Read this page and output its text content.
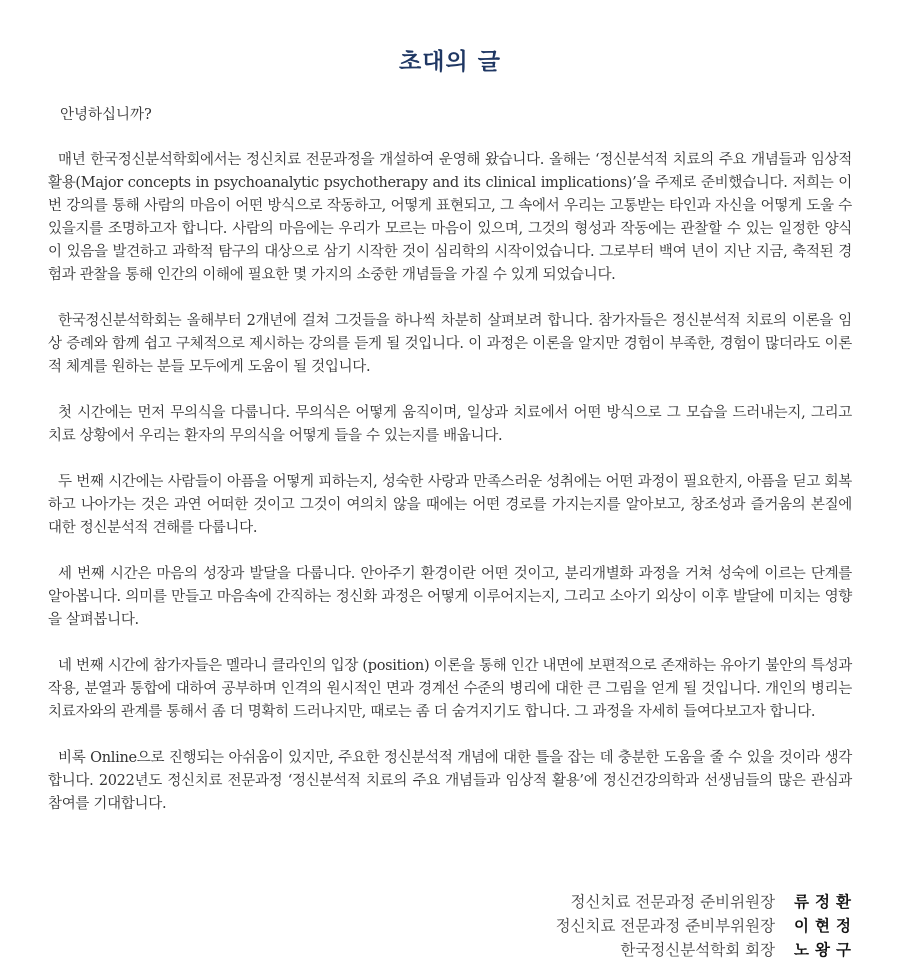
초대의 글

안녕하십니까?

매년 한국정신분석학회에서는 정신치료 전문과정을 개설하여 운영해 왔습니다. 올해는 ‘정신분석적 치료의 주요 개념들과 임상적 활용(Major concepts in psychoanalytic psychotherapy and its clinical implications)’을 주제로 준비했습니다. 저희는 이번 강의를 통해 사람의 마음이 어떤 방식으로 작동하고, 어떻게 표현되고, 그 속에서 우리는 고통받는 타인과 자신을 어떻게 도울 수 있을지를 조명하고자 합니다. 사람의 마음에는 우리가 모르는 마음이 있으며, 그것의 형성과 작동에는 관찰할 수 있는 일정한 양식이 있음을 발견하고 과학적 탐구의 대상으로 삼기 시작한 것이 심리학의 시작이었습니다. 그로부터 백여 년이 지난 지금, 축적된 경험과 관찰을 통해 인간의 이해에 필요한 몇 가지의 소중한 개념들을 가질 수 있게 되었습니다.

한국정신분석학회는 올해부터 2개년에 걸쳐 그것들을 하나씩 차분히 살펴보려 합니다. 참가자들은 정신분석적 치료의 이론을 임상 증례와 함께 쉽고 구체적으로 제시하는 강의를 듣게 될 것입니다. 이 과정은 이론을 알지만 경험이 부족한, 경험이 많더라도 이론적 체계를 원하는 분들 모두에게 도움이 될 것입니다.

첫 시간에는 먼저 무의식을 다룹니다. 무의식은 어떻게 움직이며, 일상과 치료에서 어떤 방식으로 그 모습을 드러내는지, 그리고 치료 상황에서 우리는 환자의 무의식을 어떻게 들을 수 있는지를 배웁니다.

두 번째 시간에는 사람들이 아픔을 어떻게 피하는지, 성숙한 사랑과 만족스러운 성취에는 어떤 과정이 필요한지, 아픔을 딛고 회복하고 나아가는 것은 과연 어떠한 것이고 그것이 여의치 않을 때에는 어떤 경로를 가지는지를 알아보고, 창조성과 즐거움의 본질에 대한 정신분석적 견해를 다룹니다.

세 번째 시간은 마음의 성장과 발달을 다룹니다. 안아주기 환경이란 어떤 것이고, 분리개별화 과정을 거쳐 성숙에 이르는 단계를 알아봅니다. 의미를 만들고 마음속에 간직하는 정신화 과정은 어떻게 이루어지는지, 그리고 소아기 외상이 이후 발달에 미치는 영향을 살펴봅니다.

네 번째 시간에 참가자들은 멜라니 클라인의 입장 (position) 이론을 통해 인간 내면에 보편적으로 존재하는 유아기 불안의 특성과 작용, 분열과 통합에 대하여 공부하며 인격의 원시적인 면과 경계선 수준의 병리에 대한 큰 그림을 얻게 될 것입니다. 개인의 병리는 치료자와의 관계를 통해서 좀 더 명확히 드러나지만, 때로는 좀 더 숨겨지기도 합니다. 그 과정을 자세히 들여다보고자 합니다.

비록 Online으로 진행되는 아쉬움이 있지만, 주요한 정신분석적 개념에 대한 틀을 잡는 데 충분한 도움을 줄 수 있을 것이라 생각합니다. 2022년도 정신치료 전문과정 ‘정신분석적 치료의 주요 개념들과 임상적 활용’에 정신건강의학과 선생님들의 많은 관심과 참여를 기대합니다.

정신치료 전문과정 준비위원장 류정환
정신치료 전문과정 준비부위원장 이현정
한국정신분석학회 회장 노왕구
